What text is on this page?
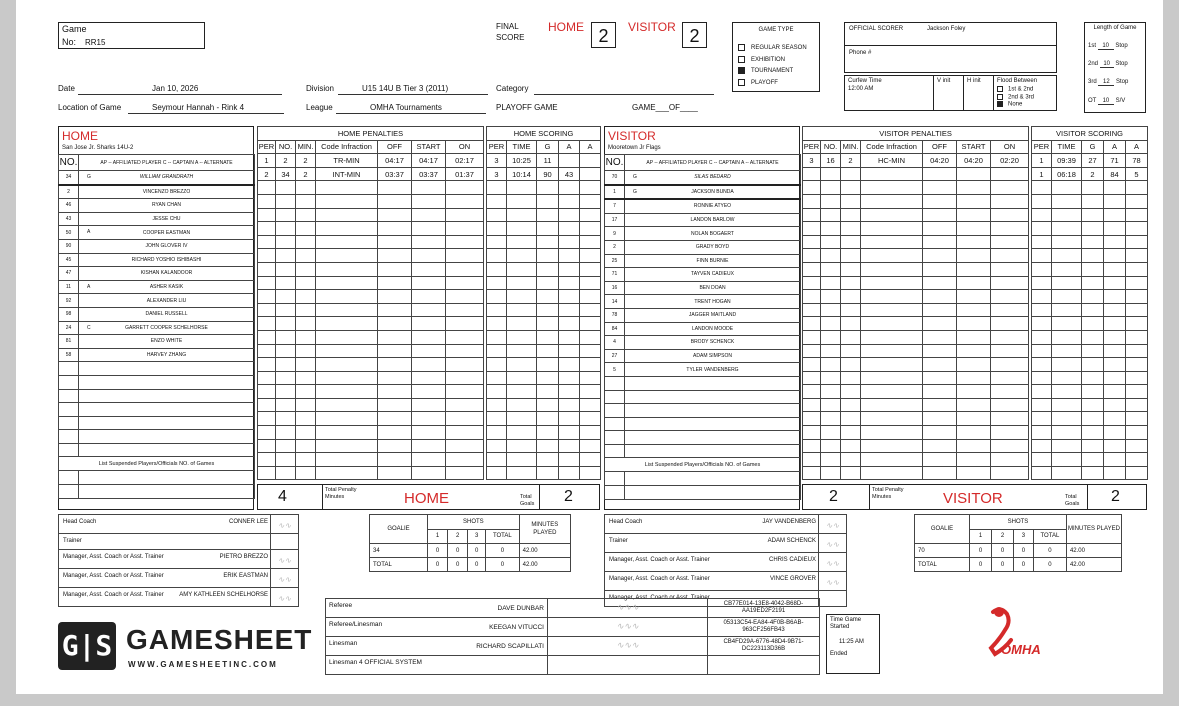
Game
No: RR15
Date	Jan 10, 2026	Division	U15 14U B Tier 3 (2011)	Category
Location of Game	Seymour Hannah - Rink 4	League	OMHA Tournaments	PLAYOFF GAME	GAME___OF____
FINAL SCORE
HOME 2	VISITOR 2	GAME TYPE
REGULAR SEASON
EXHIBITION
TOURNAMENT
PLAYOFF
OFFICIAL SCORER	Jackson Foley
Phone #
Curfew Time
12:00 AM
V init	H init	Flood Between
1st & 2nd
2nd & 3rd
None
Length of Game
1st 10 Stop
2nd 10 Stop
3rd 12 Stop
OT 10 S/V
HOME
San Jose Jr. Sharks 14U-2
NO.	AP -- AFFILIATED PLAYER C -- CAPTAIN A -- ALTERNATE
34	G WILLIAM GRANDRATH
2	VINCENZO BREZZO
46	RYAN CHAN
43	JESSE CHU
50	A COOPER EASTMAN
90	JOHN GLOVER IV
45	RICHARD YOSHIO ISHIBASHI
47	KISHAN KALANDOOR
11	A ASHER KASIK
92	ALEXANDER LIU
98	DANIEL RUSSELL
24	C GARRETT COOPER SCHELHORSE
81	ENZO WHITE
58	HARVEY ZHANG

List Suspended Players/Officials NO. of Games	

HOME PENALTIES						
PER	NO.	MIN.	Code Infraction	OFF	START	ON
1	2	2	TR-MIN	04:17	04:17	02:17
2	34	2	INT-MIN	03:37	03:37	01:37

HOME SCORING				
PER	TIME	G	A	A
3	10:25	11		
3	10:14	90	43	

4	Total Penalty Minutes	HOME	Total Goals	2
Head Coach CONNER LEE	∿∿

Trainer	

Manager, Asst. Coach or Asst. Trainer PIETRO BREZZO	∿∿

Manager, Asst. Coach or Asst. Trainer ERIK EASTMAN	∿∿

Manager, Asst. Coach or Asst. Trainer AMY KATHLEEN SCHELHORSE	∿∿
GOALIE	SHOTS				MINUTES PLAYED
	1	2	3	TOTAL	
34	0	0	0	0	42.00
TOTAL	0	0	0	0	42.00
VISITOR
Mooretown Jr Flags
NO.	AP -- AFFILIATED PLAYER C -- CAPTAIN A -- ALTERNATE
70	G SILAS BEDARD
1	G JACKSON BUNDA
7	RONNIE ATYEO
17	LANDON BARLOW
9	NOLAN BOGAERT
2	GRADY BOYD
25	FINN BURNIE
71	TAYVEN CADIEUX
16	BEN DOAN
14	TRENT HOGAN
78	JAGGER MAITLAND
84	LANDON MOODE
4	BRODY SCHENCK
27	ADAM SIMPSON
5	TYLER VANDENBERG

List Suspended Players/Officials NO. of Games	

VISITOR PENALTIES						
PER	NO.	MIN.	Code Infraction	OFF	START	ON
3	16	2	HC-MIN	04:20	04:20	02:20

VISITOR SCORING				
PER	TIME	G	A	A
1	09:39	27	71	78
1	06:18	2	84	5

2	Total Penalty Minutes	VISITOR	Total Goals	2
Head Coach JAY VANDENBERG	∿∿

Trainer ADAM SCHENCK	∿∿

Manager, Asst. Coach or Asst. Trainer CHRIS CADIEUX	∿∿

Manager, Asst. Coach or Asst. Trainer VINCE GROVER	∿∿

Manager, Asst. Coach or Asst. Trainer	

GOALIE	SHOTS				MINUTES PLAYED
	1	2	3	TOTAL	
70	0	0	0	0	42.00
TOTAL	0	0	0	0	42.00
Referee DAVE DUNBAR	∿∿∿	CB77E014-13E8-4042-B68D-AA19ED2F2191

Referee/Linesman KEEGAN VITUCCI	∿∿∿	05313C54-EA84-4F0B-B6AB-963CF256FB43

Linesman RICHARD SCAPILLATI	∿∿∿	CB4FD29A-6776-48D4-9B71-DC223113D36B

Linesman 4 OFFICIAL SYSTEM		

Time Game Started
11:25 AM
Ended
G|S GAMESHEET
WWW.GAMESHEETINC.COM
OMHA
